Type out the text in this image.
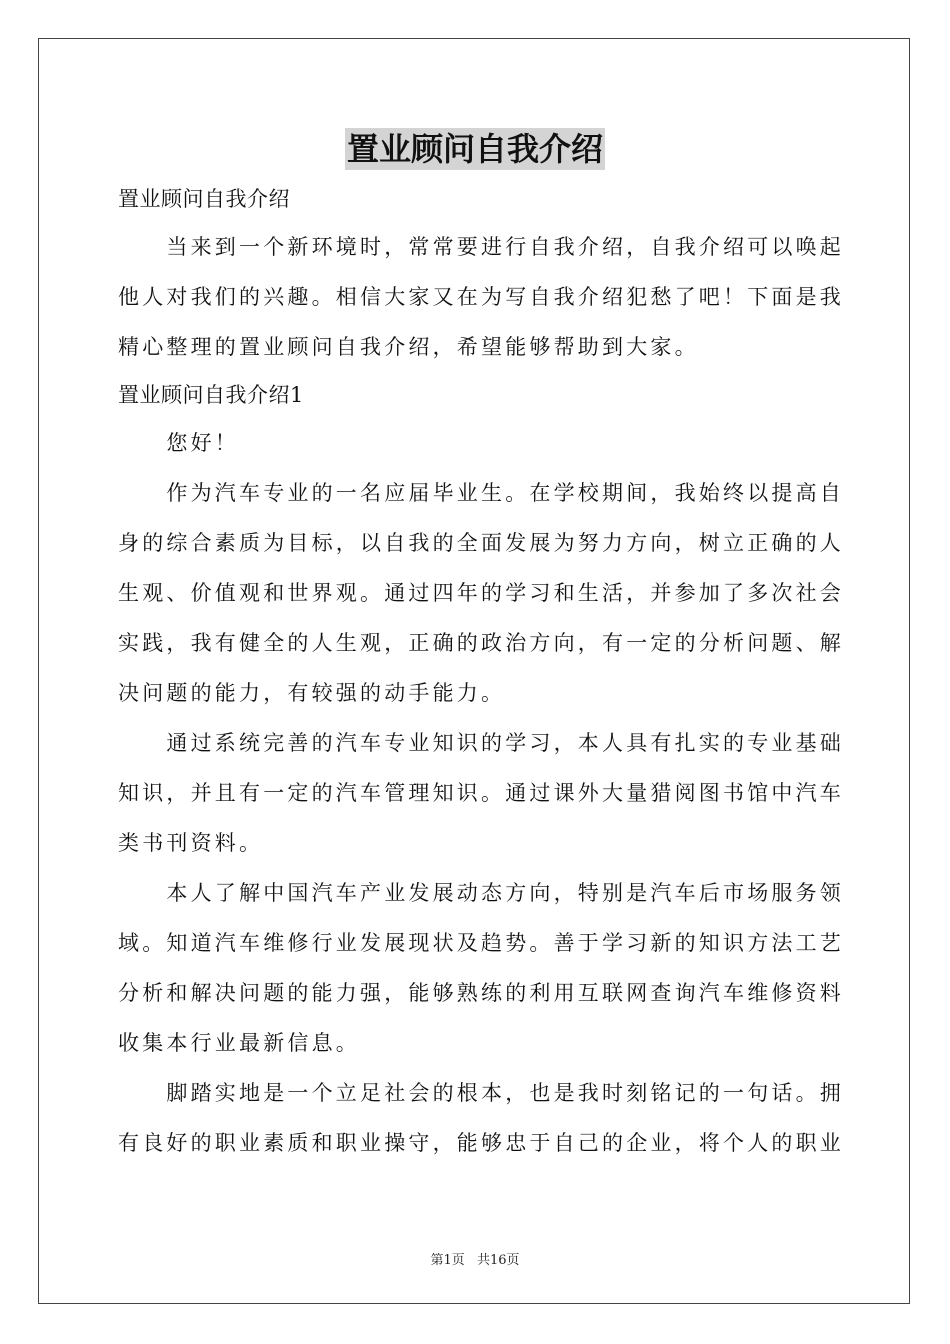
置业顾问自我介绍

置业顾问自我介绍

　　当来到一个新环境时，常常要进行自我介绍，自我介绍可以唤起

他人对我们的兴趣。相信大家又在为写自我介绍犯愁了吧！下面是我

精心整理的置业顾问自我介绍，希望能够帮助到大家。

置业顾问自我介绍1

　　您好！

　　作为汽车专业的一名应届毕业生。在学校期间，我始终以提高自

身的综合素质为目标，以自我的全面发展为努力方向，树立正确的人

生观、价值观和世界观。通过四年的学习和生活，并参加了多次社会

实践，我有健全的人生观，正确的政治方向，有一定的分析问题、解

决问题的能力，有较强的动手能力。

　　通过系统完善的汽车专业知识的学习，本人具有扎实的专业基础

知识，并且有一定的汽车管理知识。通过课外大量猎阅图书馆中汽车

类书刊资料。

　　本人了解中国汽车产业发展动态方向，特别是汽车后市场服务领

域。知道汽车维修行业发展现状及趋势。善于学习新的知识方法工艺

分析和解决问题的能力强，能够熟练的利用互联网查询汽车维修资料

收集本行业最新信息。

　　脚踏实地是一个立足社会的根本，也是我时刻铭记的一句话。拥

有良好的职业素质和职业操守，能够忠于自己的企业，将个人的职业

第1页 共16页
